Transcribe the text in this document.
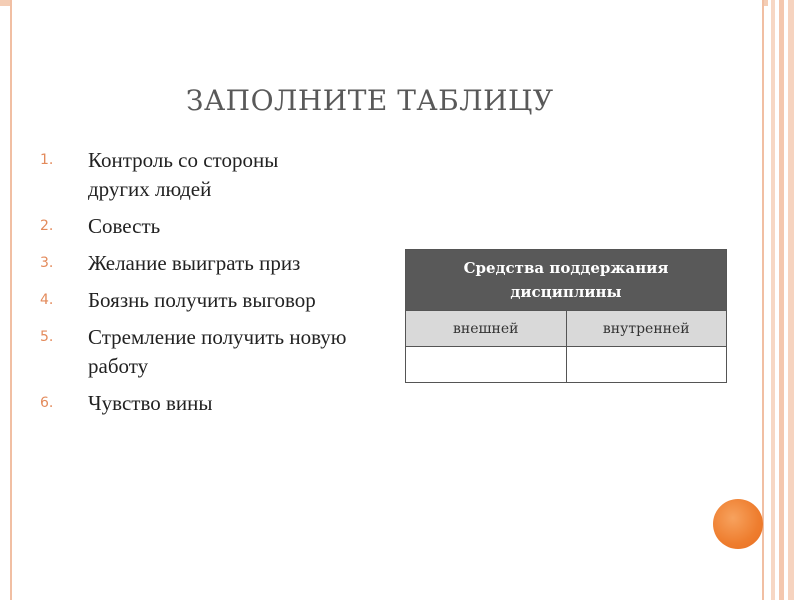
ЗАПОЛНИТЕ ТАБЛИЦУ
1.	Контроль со стороны других людей
2.	Совесть
3.	Желание выиграть приз
4.	Боязнь получить выговор
5.	Стремление получить новую работу
6.	Чувство вины
Средства поддержания дисциплины	
внешней	внутренней
